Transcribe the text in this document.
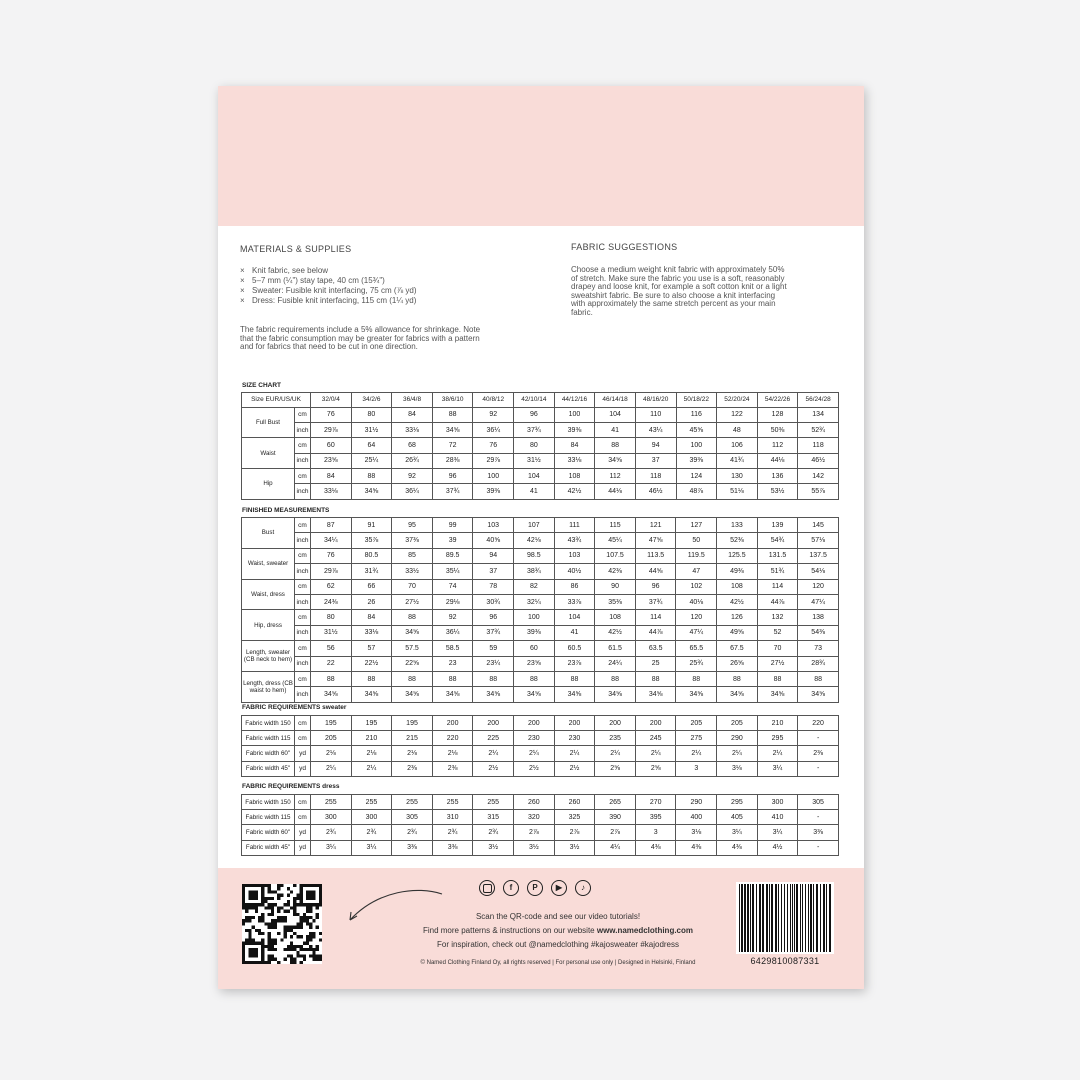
MATERIALS & SUPPLIES
× Knit fabric, see below
× 5–7 mm (¼") stay tape, 40 cm (15¾")
× Sweater: Fusible knit interfacing, 75 cm (⅞ yd)
× Dress: Fusible knit interfacing, 115 cm (1¼ yd)

The fabric requirements include a 5% allowance for shrinkage. Note
that the fabric consumption may be greater for fabrics with a pattern
and for fabrics that need to be cut in one direction.

FABRIC SUGGESTIONS

Choose a medium weight knit fabric with approximately 50%
of stretch. Make sure the fabric you use is a soft, reasonably
drapey and loose knit, for example a soft cotton knit or a light
sweatshirt fabric. Be sure to also choose a knit interfacing
with approximately the same stretch percent as your main
fabric.

SIZE CHART
Size EUR/US/UK		32/0/4	34/2/6	36/4/8	38/6/10	40/8/12	42/10/14	44/12/16	46/14/18	48/16/20	50/18/22	52/20/24	54/22/26	56/24/28
Full Bust	cm	76	80	84	88	92	96	100	104	110	116	122	128	134
	inch	29⅞	31½	33⅛	34⅝	36¼	37¾	39⅜	41	43¼	45⅝	48	50⅜	52¾
Waist	cm	60	64	68	72	76	80	84	88	94	100	106	112	118
	inch	23⅝	25¼	26¾	28⅜	29⅞	31½	33⅛	34⅝	37	39⅜	41¾	44⅛	46½
Hip	cm	84	88	92	96	100	104	108	112	118	124	130	136	142
	inch	33⅛	34⅝	36¼	37¾	39⅜	41	42½	44⅛	46½	48⅞	51⅛	53½	55⅞
FINISHED MEASUREMENTS
Bust	cm	87	91	95	99	103	107	111	115	121	127	133	139	145
	inch	34¼	35⅞	37⅜	39	40⅝	42⅛	43¾	45¼	47⅝	50	52⅜	54¾	57⅛
Waist, sweater	cm	76	80.5	85	89.5	94	98.5	103	107.5	113.5	119.5	125.5	131.5	137.5
	inch	29⅞	31¾	33½	35¼	37	38¾	40½	42⅜	44⅝	47	49⅜	51¾	54⅛
Waist, dress	cm	62	66	70	74	78	82	86	90	96	102	108	114	120
	inch	24⅜	26	27½	29⅛	30¾	32¼	33⅞	35⅜	37¾	40⅛	42½	44⅞	47¼
Hip, dress	cm	80	84	88	92	96	100	104	108	114	120	126	132	138
	inch	31½	33⅛	34⅝	36¼	37¾	39⅜	41	42½	44⅞	47¼	49⅝	52	54⅜
Length, sweater (CB neck to hem)	cm	56	57	57.5	58.5	59	60	60.5	61.5	63.5	65.5	67.5	70	73
	inch	22	22½	22⅝	23	23¼	23⅝	23⅞	24¼	25	25¾	26⅝	27½	28¾
Length, dress (CB waist to hem)	cm	88	88	88	88	88	88	88	88	88	88	88	88	88
	inch	34⅝	34⅝	34⅝	34⅝	34⅝	34⅝	34⅝	34⅝	34⅝	34⅝	34⅝	34⅝	34⅝
FABRIC REQUIREMENTS sweater
Fabric width 150	cm	195	195	195	200	200	200	200	200	200	205	205	210	220
Fabric width 115	cm	205	210	215	220	225	230	230	235	245	275	290	295	-
Fabric width 60"	yd	2⅛	2⅛	2⅛	2⅛	2¼	2¼	2¼	2¼	2¼	2¼	2¼	2¼	2⅜
Fabric width 45"	yd	2¼	2¼	2⅜	2⅜	2½	2½	2½	2⅝	2⅝	3	3⅛	3¼	-
FABRIC REQUIREMENTS dress
Fabric width 150	cm	255	255	255	255	255	260	260	265	270	290	295	300	305
Fabric width 115	cm	300	300	305	310	315	320	325	390	395	400	405	410	-
Fabric width 60"	yd	2¾	2¾	2¾	2¾	2¾	2⅞	2⅞	2⅞	3	3⅛	3¼	3¼	3⅜
Fabric width 45"	yd	3¼	3¼	3⅜	3⅜	3½	3½	3½	4¼	4⅜	4⅜	4⅜	4½	-
f	P	▶	♪
Scan the QR-code and see our video tutorials!
Find more patterns & instructions on our website www.namedclothing.com
For inspiration, check out @namedclothing #kajosweater #kajodress
© Named Clothing Finland Oy, all rights reserved | For personal use only | Designed in Helsinki, Finland	6429810087331
